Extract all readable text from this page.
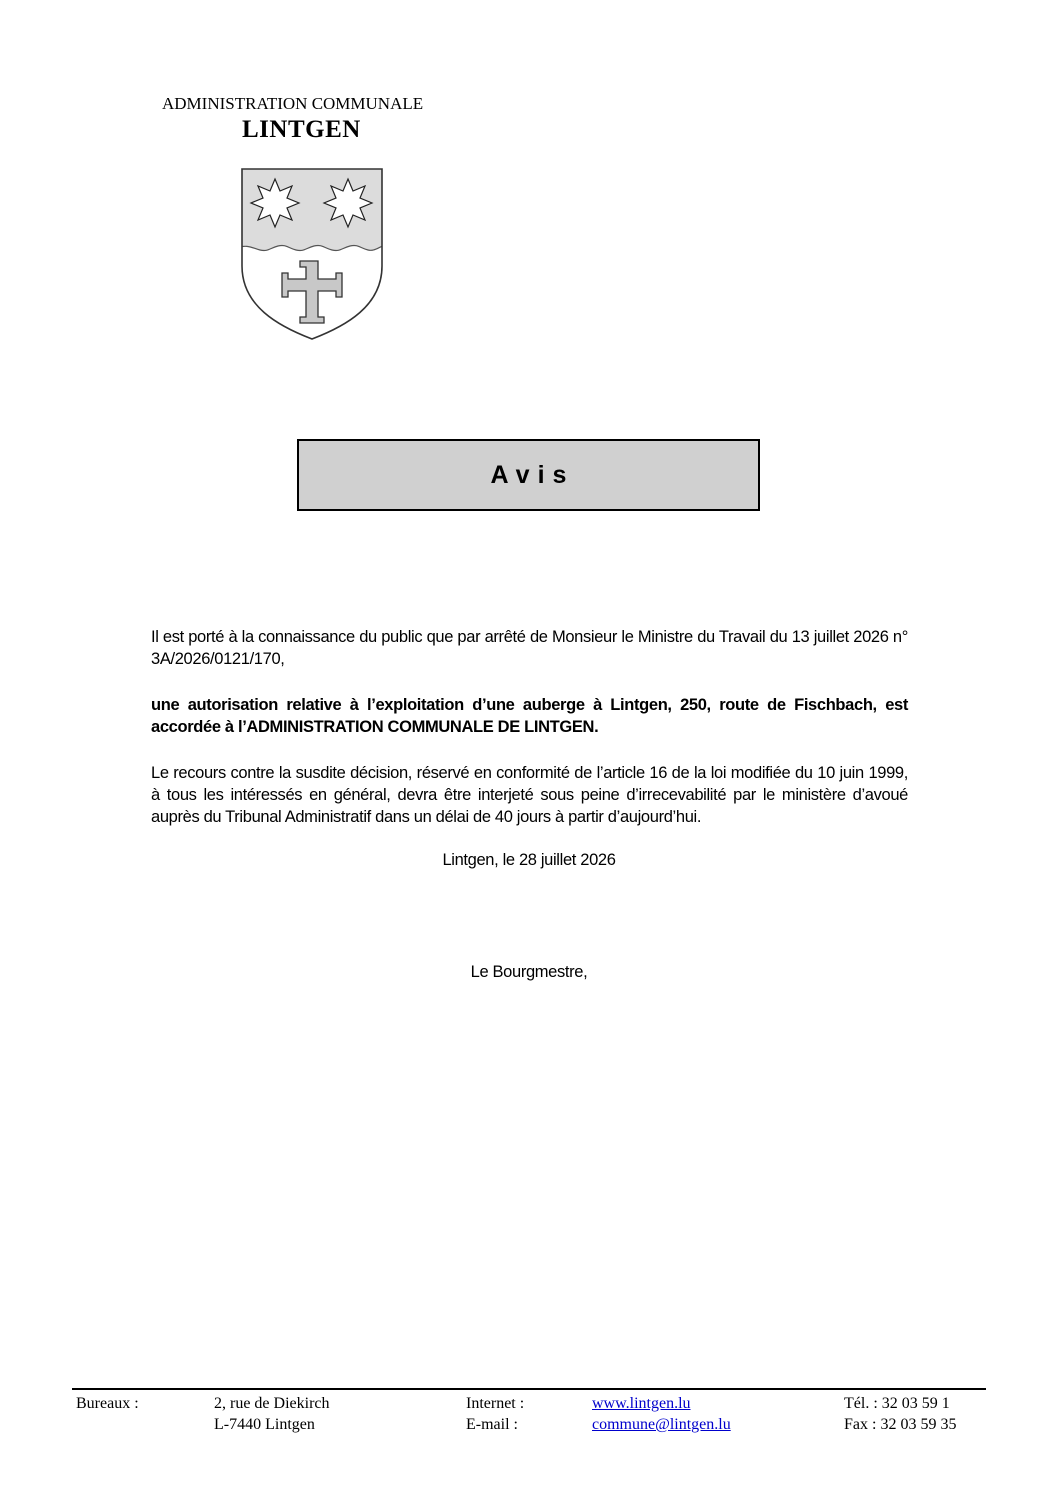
ADMINISTRATION COMMUNALE
LINTGEN
Avis
Il est porté à la connaissance du public que par arrêté de Monsieur le Ministre du Travail du 13 juillet 2026 n° 3A/2026/0121/170,
une autorisation relative à l’exploitation d’une auberge à Lintgen, 250, route de Fischbach, est accordée à l’ADMINISTRATION COMMUNALE DE LINTGEN.
Le recours contre la susdite décision, réservé en conformité de l’article 16 de la loi modifiée du 10 juin 1999, à tous les intéressés en général, devra être interjeté sous peine d’irrecevabilité par le ministère d’avoué auprès du Tribunal Administratif dans un délai de 40 jours à partir d’aujourd’hui.
Lintgen, le 28 juillet 2026
Le Bourgmestre,
Bureaux :	2, rue de Diekirch
L-7440 Lintgen
Internet :
E-mail :
www.lintgen.lu
commune@lintgen.lu
Tél. : 32 03 59 1
Fax : 32 03 59 35
